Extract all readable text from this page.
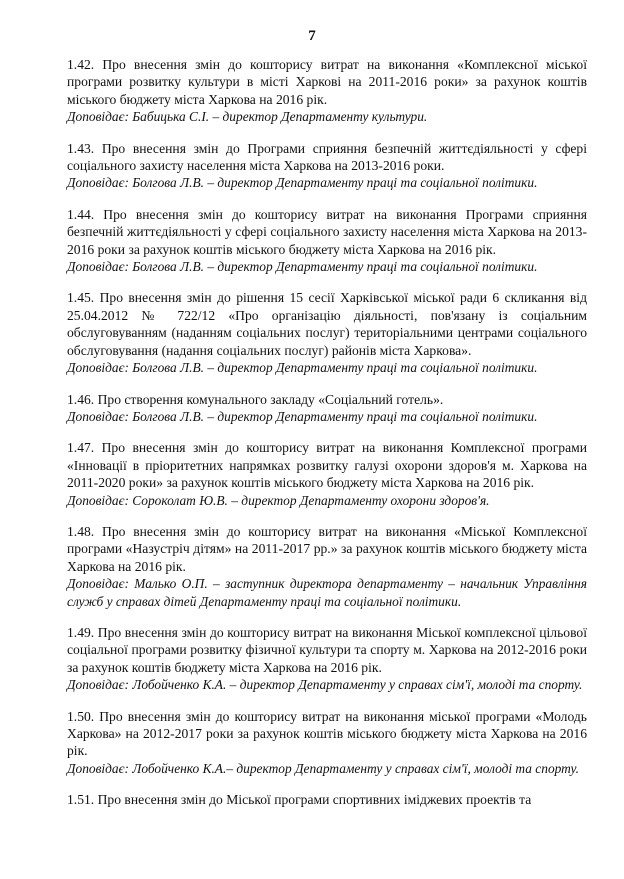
7

1.42. Про внесення змін до кошторису витрат на виконання «Комплексної міської програми розвитку культури в місті Харкові на 2011-2016 роки» за рахунок коштів міського бюджету міста Харкова на 2016 рік.

Доповідає: Бабицька С.І. – директор Департаменту культури.

1.43. Про внесення змін до Програми сприяння безпечній життєдіяльності у сфері соціального захисту населення міста Харкова на 2013-2016 роки.

Доповідає: Болгова Л.В. – директор Департаменту праці та соціальної політики.

1.44. Про внесення змін до кошторису витрат на виконання Програми сприяння безпечній життєдіяльності у сфері соціального захисту населення міста Харкова на 2013-2016 роки за рахунок коштів міського бюджету міста Харкова на 2016 рік.

Доповідає: Болгова Л.В. – директор Департаменту праці та соціальної політики.

1.45. Про внесення змін до рішення 15 сесії Харківської міської ради 6 скликання від 25.04.2012 № 722/12 «Про організацію діяльності, пов'язану із соціальним обслуговуванням (наданням соціальних послуг) територіальними центрами соціального обслуговування (надання соціальних послуг) районів міста Харкова».

Доповідає: Болгова Л.В. – директор Департаменту праці та соціальної політики.

1.46. Про створення комунального закладу «Соціальний готель».

Доповідає: Болгова Л.В. – директор Департаменту праці та соціальної політики.

1.47. Про внесення змін до кошторису витрат на виконання Комплексної програми «Інновації в пріоритетних напрямках розвитку галузі охорони здоров'я м. Харкова на 2011-2020 роки» за рахунок коштів міського бюджету міста Харкова на 2016 рік.

Доповідає: Сороколат Ю.В. – директор Департаменту охорони здоров'я.

1.48. Про внесення змін до кошторису витрат на виконання «Міської Комплексної програми «Назустріч дітям» на 2011-2017 рр.» за рахунок коштів міського бюджету міста Харкова на 2016 рік.

Доповідає: Малько О.П. – заступник директора департаменту – начальник Управління служб у справах дітей Департаменту праці та соціальної політики.

1.49. Про внесення змін до кошторису витрат на виконання Міської комплексної цільової соціальної програми розвитку фізичної культури та спорту м. Харкова на 2012-2016 роки за рахунок коштів бюджету міста Харкова на 2016 рік.

Доповідає: Лобойченко К.А. – директор Департаменту у справах сім'ї, молоді та спорту.

1.50. Про внесення змін до кошторису витрат на виконання міської програми «Молодь Харкова» на 2012-2017 роки за рахунок коштів міського бюджету міста Харкова на 2016 рік.

Доповідає: Лобойченко К.А.– директор Департаменту у справах сім'ї, молоді та спорту.

1.51. Про внесення змін до Міської програми спортивних іміджевих проектів та
